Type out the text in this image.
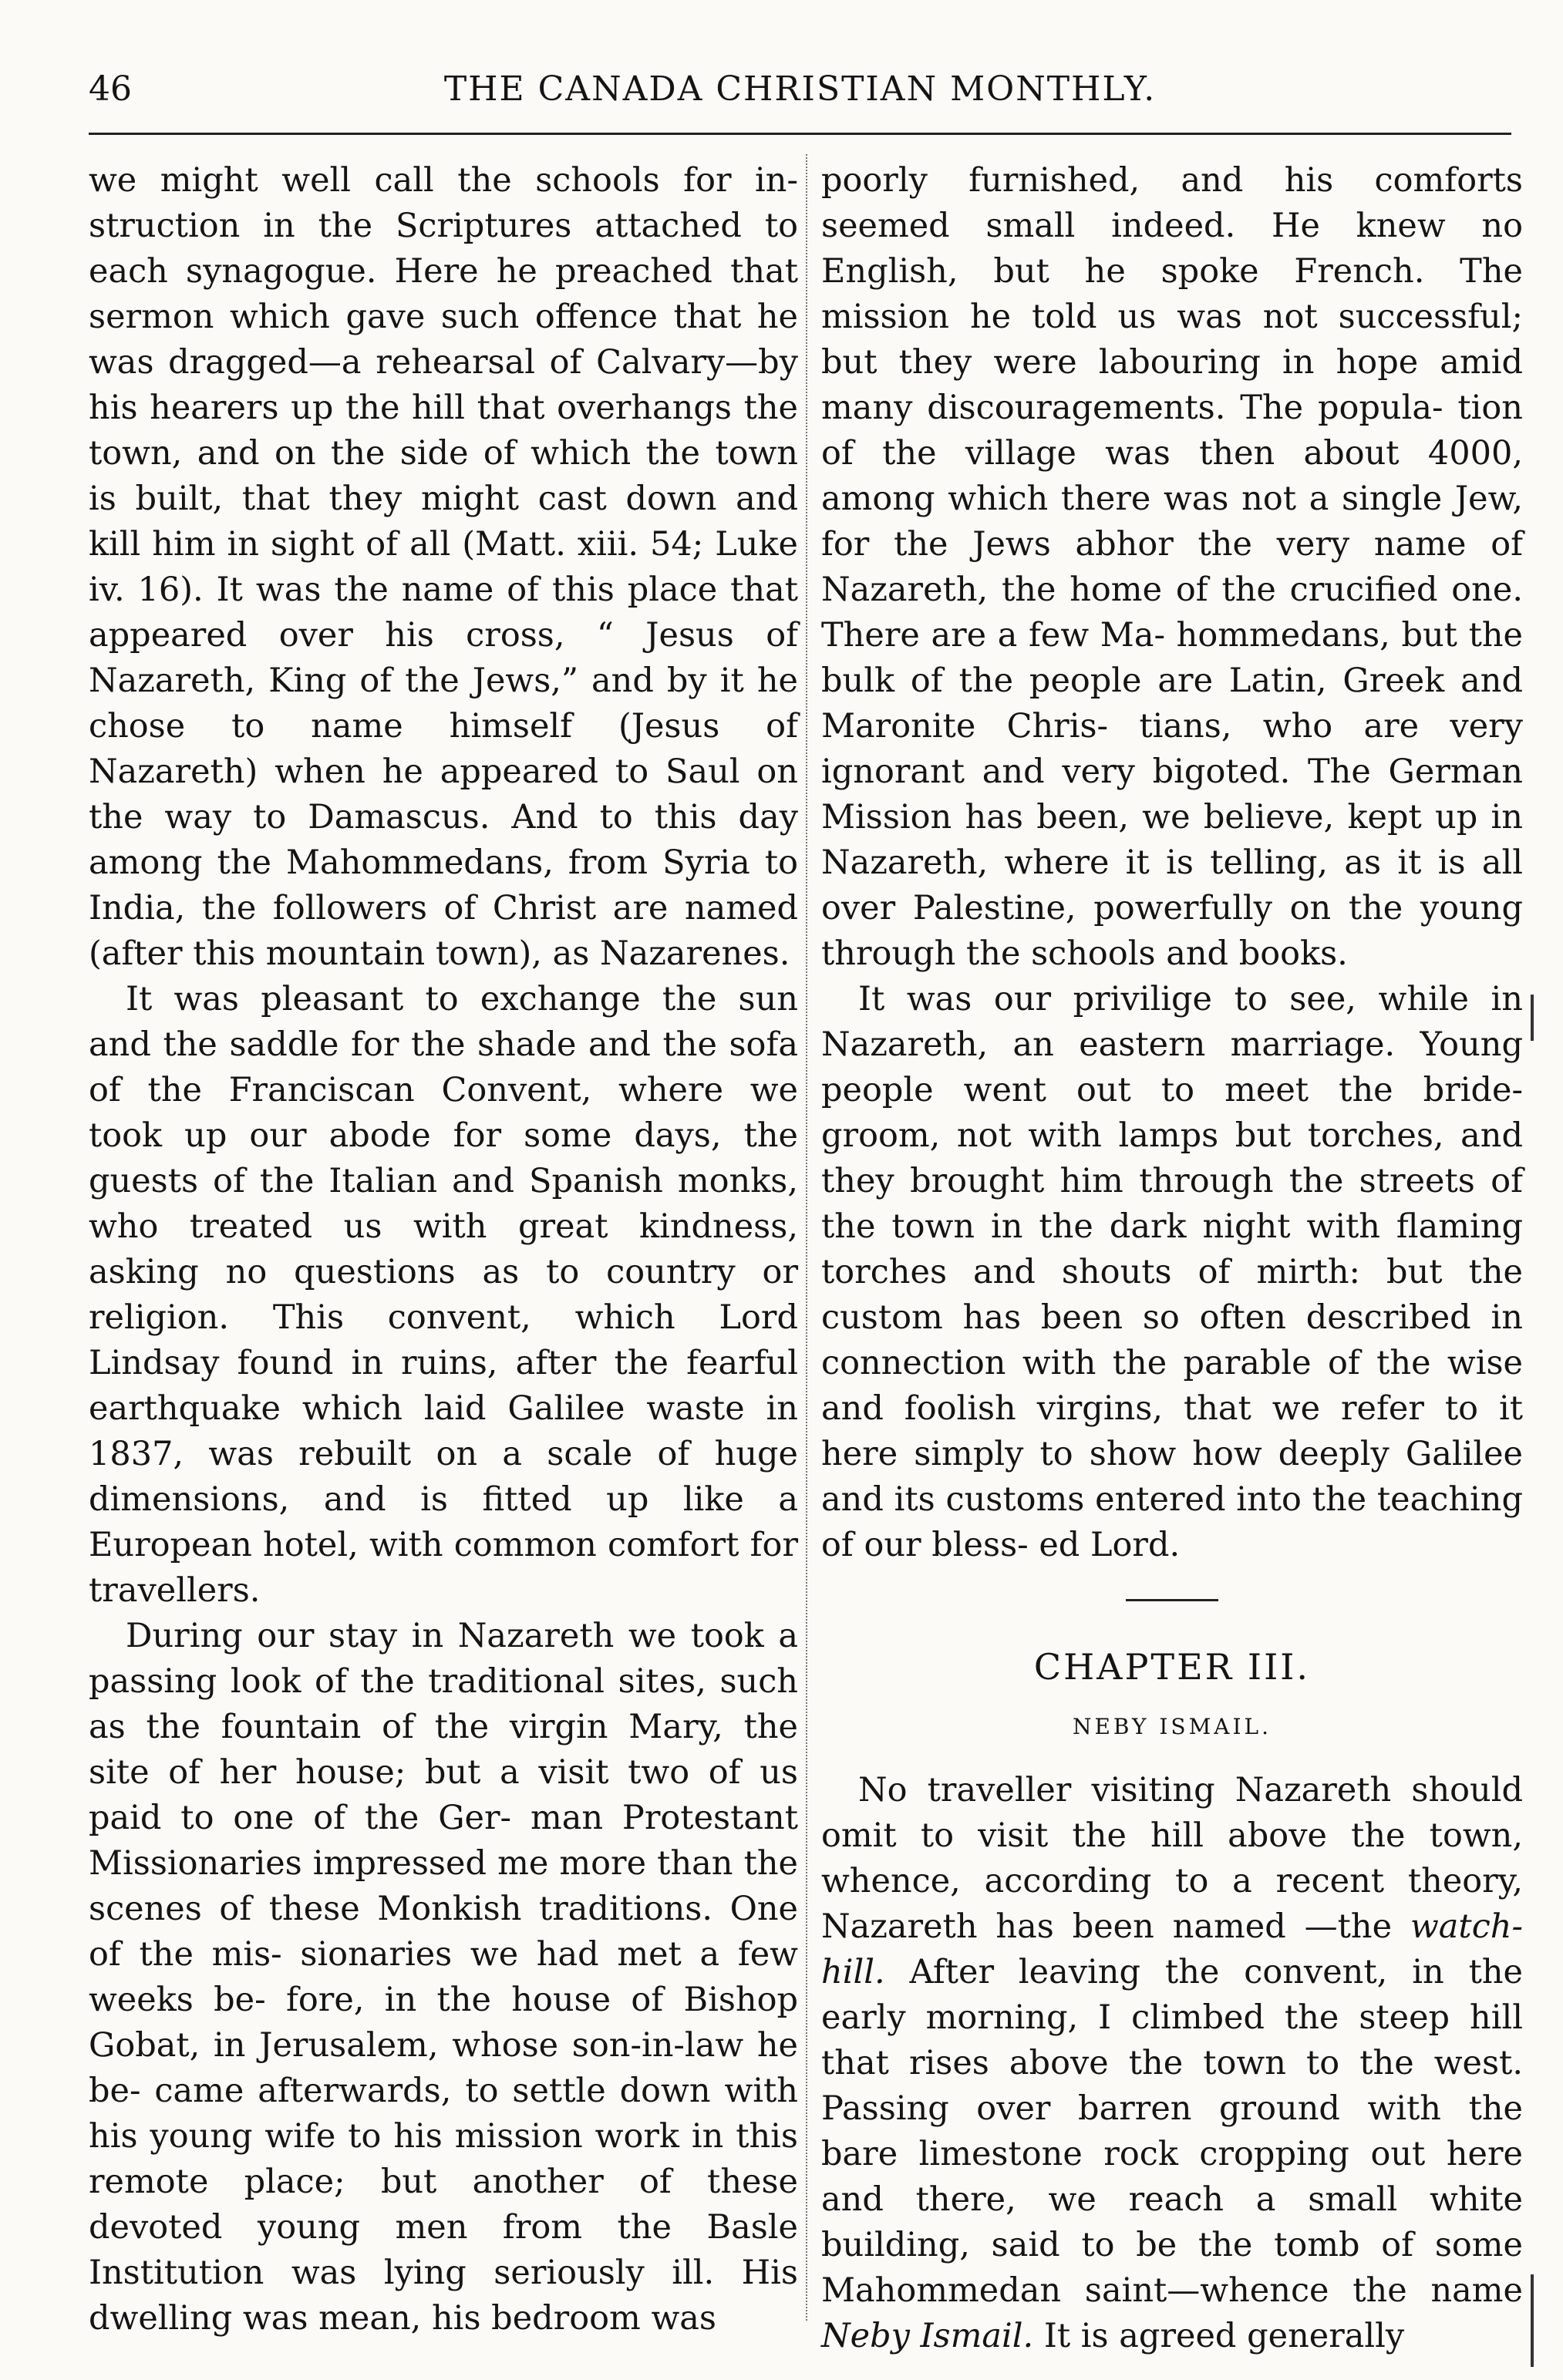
46	THE CANADA CHRISTIAN MONTHLY.

we might well call the schools for in- struction in the Scriptures attached to each synagogue. Here he preached that sermon which gave such offence that he was dragged—a rehearsal of Calvary—by his hearers up the hill that overhangs the town, and on the side of which the town is built, that they might cast down and kill him in sight of all (Matt. xiii. 54; Luke iv. 16). It was the name of this place that appeared over his cross, “ Jesus of Nazareth, King of the Jews,” and by it he chose to name himself (Jesus of Nazareth) when he appeared to Saul on the way to Damascus. And to this day among the Mahommedans, from Syria to India, the followers of Christ are named (after this mountain town), as Nazarenes.

It was pleasant to exchange the sun and the saddle for the shade and the sofa of the Franciscan Convent, where we took up our abode for some days, the guests of the Italian and Spanish monks, who treated us with great kindness, asking no questions as to country or religion. This convent, which Lord Lindsay found in ruins, after the fearful earthquake which laid Galilee waste in 1837, was rebuilt on a scale of huge dimensions, and is fitted up like a European hotel, with common comfort for travellers.

During our stay in Nazareth we took a passing look of the traditional sites, such as the fountain of the virgin Mary, the site of her house; but a visit two of us paid to one of the Ger- man Protestant Missionaries impressed me more than the scenes of these Monkish traditions. One of the mis- sionaries we had met a few weeks be- fore, in the house of Bishop Gobat, in Jerusalem, whose son-in-law he be- came afterwards, to settle down with his young wife to his mission work in this remote place; but another of these devoted young men from the Basle Institution was lying seriously ill. His dwelling was mean, his bedroom was

poorly furnished, and his comforts seemed small indeed. He knew no English, but he spoke French. The mission he told us was not successful; but they were labouring in hope amid many discouragements. The popula- tion of the village was then about 4000, among which there was not a single Jew, for the Jews abhor the very name of Nazareth, the home of the crucified one. There are a few Ma- hommedans, but the bulk of the people are Latin, Greek and Maronite Chris- tians, who are very ignorant and very bigoted. The German Mission has been, we believe, kept up in Nazareth, where it is telling, as it is all over Palestine, powerfully on the young through the schools and books.

It was our privilige to see, while in Nazareth, an eastern marriage. Young people went out to meet the bride- groom, not with lamps but torches, and they brought him through the streets of the town in the dark night with flaming torches and shouts of mirth: but the custom has been so often described in connection with the parable of the wise and foolish virgins, that we refer to it here simply to show how deeply Galilee and its customs entered into the teaching of our bless- ed Lord.

CHAPTER III.
NEBY ISMAIL.

No traveller visiting Nazareth should omit to visit the hill above the town, whence, according to a recent theory, Nazareth has been named —the watch- hill. After leaving the convent, in the early morning, I climbed the steep hill that rises above the town to the west. Passing over barren ground with the bare limestone rock cropping out here and there, we reach a small white building, said to be the tomb of some Mahommedan saint—whence the name Neby Ismail. It is agreed generally
